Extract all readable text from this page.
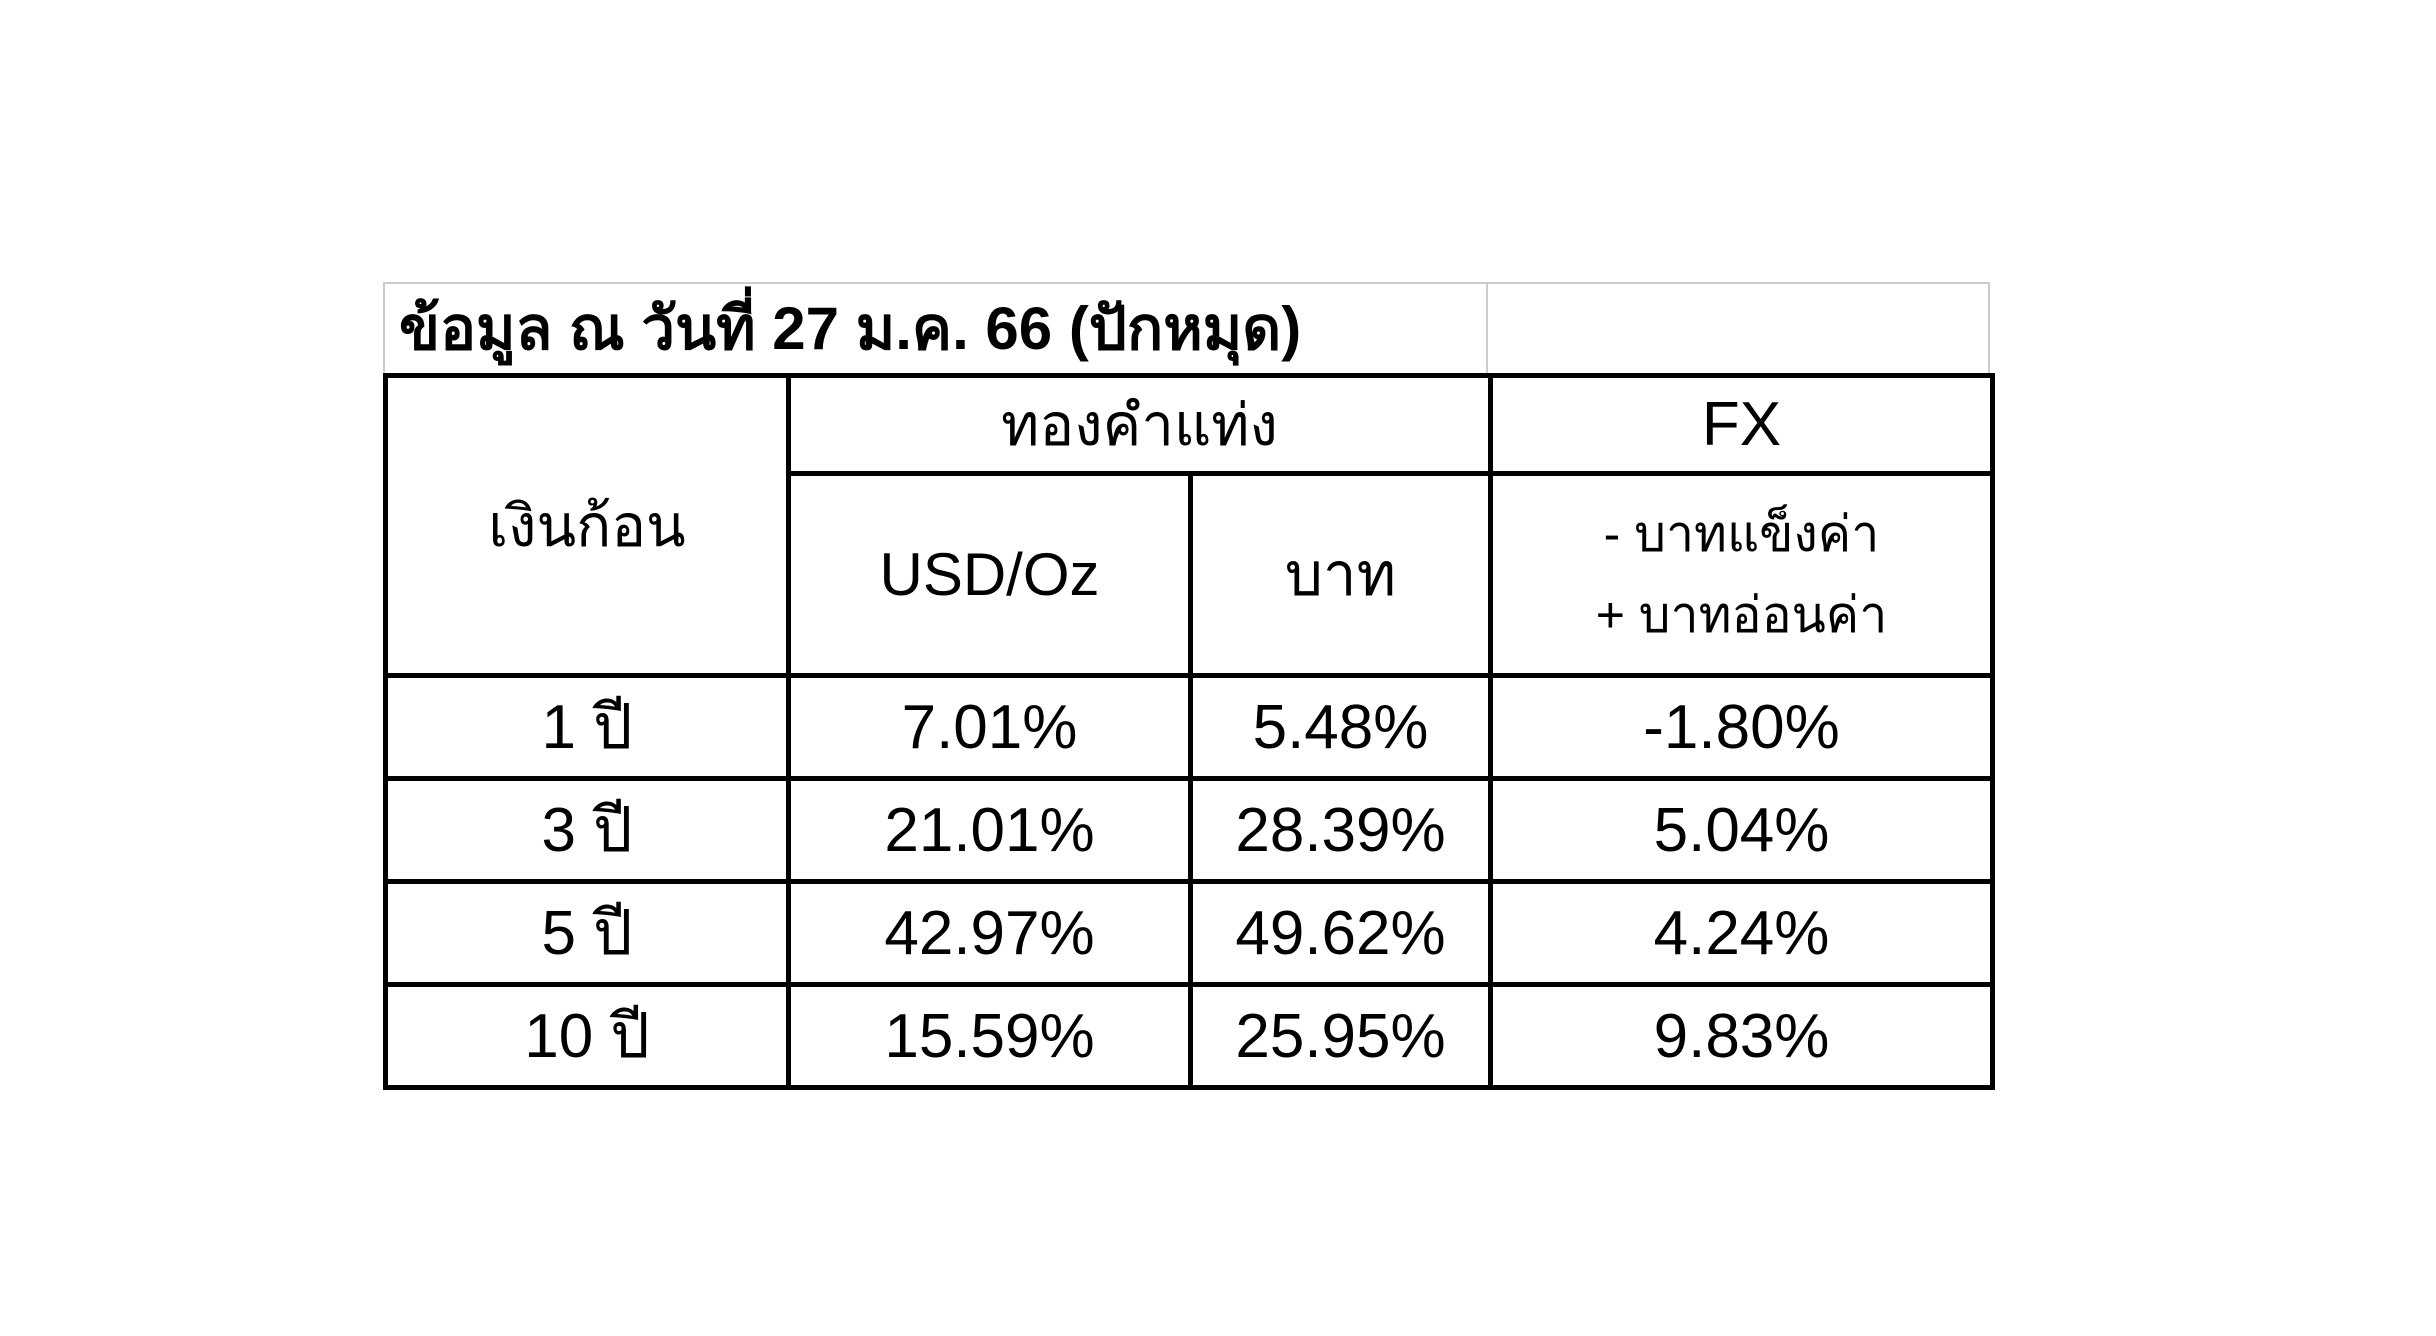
ข้อมูล ณ วันที่ 27 ม.ค. 66 (ปักหมุด)
เงินก้อน	ทองคำแท่ง		FX
	USD/Oz	บาท	- บาทแข็งค่า
+ บาทอ่อนค่า

1 ปี	7.01%	5.48%	-1.80%
3 ปี	21.01%	28.39%	5.04%
5 ปี	42.97%	49.62%	4.24%
10 ปี	15.59%	25.95%	9.83%
